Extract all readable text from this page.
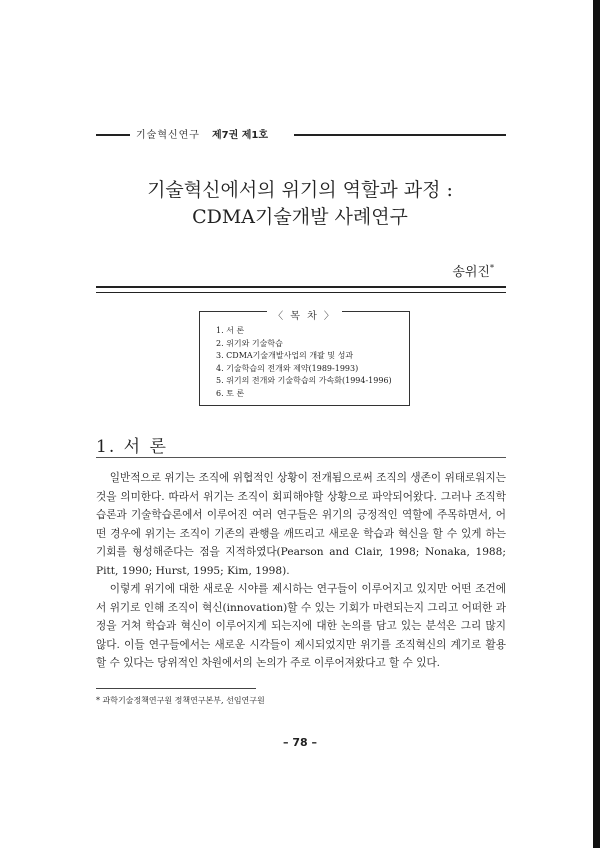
기술혁신연구 제7권 제1호
기술혁신에서의 위기의 역할과 과정 :
CDMA기술개발 사례연구
송위진*
〈 목 차 〉
1. 서 론
2. 위기와 기술학습
3. CDMA기술개발사업의 개괄 및 성과
4. 기술학습의 전개와 제약(1989-1993)
5. 위기의 전개와 기술학습의 가속화(1994-1996)
6. 토 론
1. 서 론

일반적으로 위기는 조직에 위협적인 상황이 전개됨으로써 조직의 생존이 위태로워지는 것을 의미한다. 따라서 위기는 조직이 회피해야할 상황으로 파악되어왔다. 그러나 조직학습론과 기술학습론에서 이루어진 여러 연구들은 위기의 긍정적인 역할에 주목하면서, 어떤 경우에 위기는 조직이 기존의 관행을 깨뜨리고 새로운 학습과 혁신을 할 수 있게 하는 기회를 형성해준다는 점을 지적하였다(Pearson and Clair, 1998; Nonaka, 1988; Pitt, 1990; Hurst, 1995; Kim, 1998).

이렇게 위기에 대한 새로운 시야를 제시하는 연구들이 이루어지고 있지만 어떤 조건에서 위기로 인해 조직이 혁신(innovation)할 수 있는 기회가 마련되는지 그리고 어떠한 과정을 거쳐 학습과 혁신이 이루어지게 되는지에 대한 논의를 담고 있는 분석은 그리 많지 않다. 이들 연구들에서는 새로운 시각들이 제시되었지만 위기를 조직혁신의 계기로 활용할 수 있다는 당위적인 차원에서의 논의가 주로 이루어져왔다고 할 수 있다.

* 과학기술정책연구원 정책연구본부, 선임연구원
– 78 –
